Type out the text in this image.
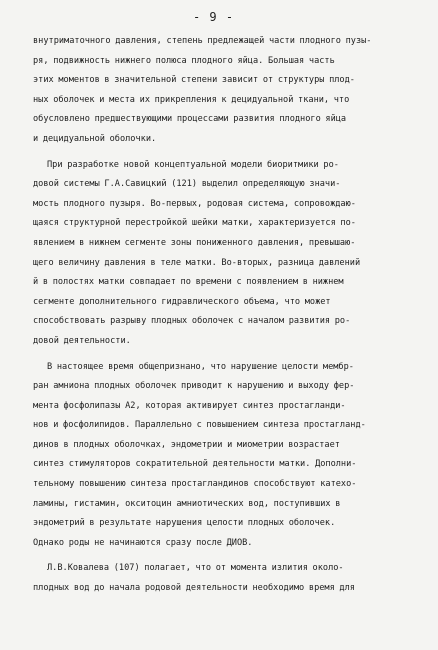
- 9 -
внутриматочного давления, степень предлежащей части плодного пузы-
ря, подвижность нижнего полюса плодного яйца. Большая часть
этих моментов в значительной степени зависит от структуры плод-
ных оболочек и места их прикрепления к децидуальной ткани, что
обусловлено предшествующими процессами развития плодного яйца
и децидуальной оболочки.
При разработке новой концептуальной модели биоритмики ро-
довой системы Г.А.Савицкий (121) выделил определяющую значи-
мость плодного пузыря. Во-первых, родовая система, сопровождаю-
щаяся структурной перестройкой шейки матки, характеризуется по-
явлением в нижнем сегменте зоны пониженного давления, превышаю-
щего величину давления в теле матки. Во-вторых, разница давлений
й в полостях матки совпадает по времени с появлением в нижнем
сегменте дополнительного гидравлического объема, что может
способствовать разрыву плодных оболочек с началом развития ро-
довой деятельности.
В настоящее время общепризнано, что нарушение целости мембр-
ран амниона плодных оболочек приводит к нарушению и выходу фер-
мента фосфолипазы А2, которая активирует синтез простагланди-
нов и фосфолипидов. Параллельно с повышением синтеза простагланд-
динов в плодных оболочках, эндометрии и миометрии возрастает
синтез стимуляторов сократительной деятельности матки. Дополни-
тельному повышению синтеза простагландинов способствуют катехо-
ламины, гистамин, окситоцин амниотических вод, поступивших в
эндометрий в результате нарушения целости плодных оболочек.
Однако роды не начинаются сразу после ДИОВ.
Л.В.Ковалева (107) полагает, что от момента излития около-
плодных вод до начала родовой деятельности необходимо время для
